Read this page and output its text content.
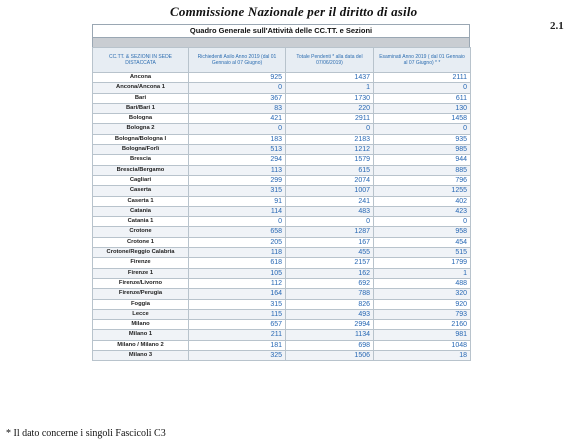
Commissione Nazionale per il diritto di asilo
2.1
Quadro Generale sull'Attività delle CC.TT. e Sezioni
CC.TT. & SEZIONI IN SEDE DISTACCATA	Richiedenti Asilo Anno 2019 (dal 01 Gennaio al 07 Giugno)	Totale Pendenti * alla data del 07/06/2019)	Esaminati Anno 2019 ( dal 01 Gennaio al 07 Giugno) * *
Ancona	925	1437	2111
Ancona/Ancona 1	0	1	0
Bari	367	1730	611
Bari/Bari 1	83	220	130
Bologna	421	2911	1458
Bologna 2	0	0	0
Bologna/Bologna I	183	2183	935
Bologna/Forlì	513	1212	985
Brescia	294	1579	944
Brescia/Bergamo	113	615	885
Cagliari	299	2074	796
Caserta	315	1007	1255
Caserta 1	91	241	402
Catania	114	483	423
Catania 1	0	0	0
Crotone	658	1287	958
Crotone 1	205	167	454
Crotone/Reggio Calabria	118	455	515
Firenze	618	2157	1799
Firenze 1	105	162	1
Firenze/Livorno	112	692	488
Firenze/Perugia	164	788	320
Foggia	315	826	920
Lecce	115	493	793
Milano	657	2994	2160
Milano 1	211	1134	981
Milano / Milano 2	181	698	1048
Milano 3	325	1506	18
* Il dato concerne i singoli Fascicoli C3
